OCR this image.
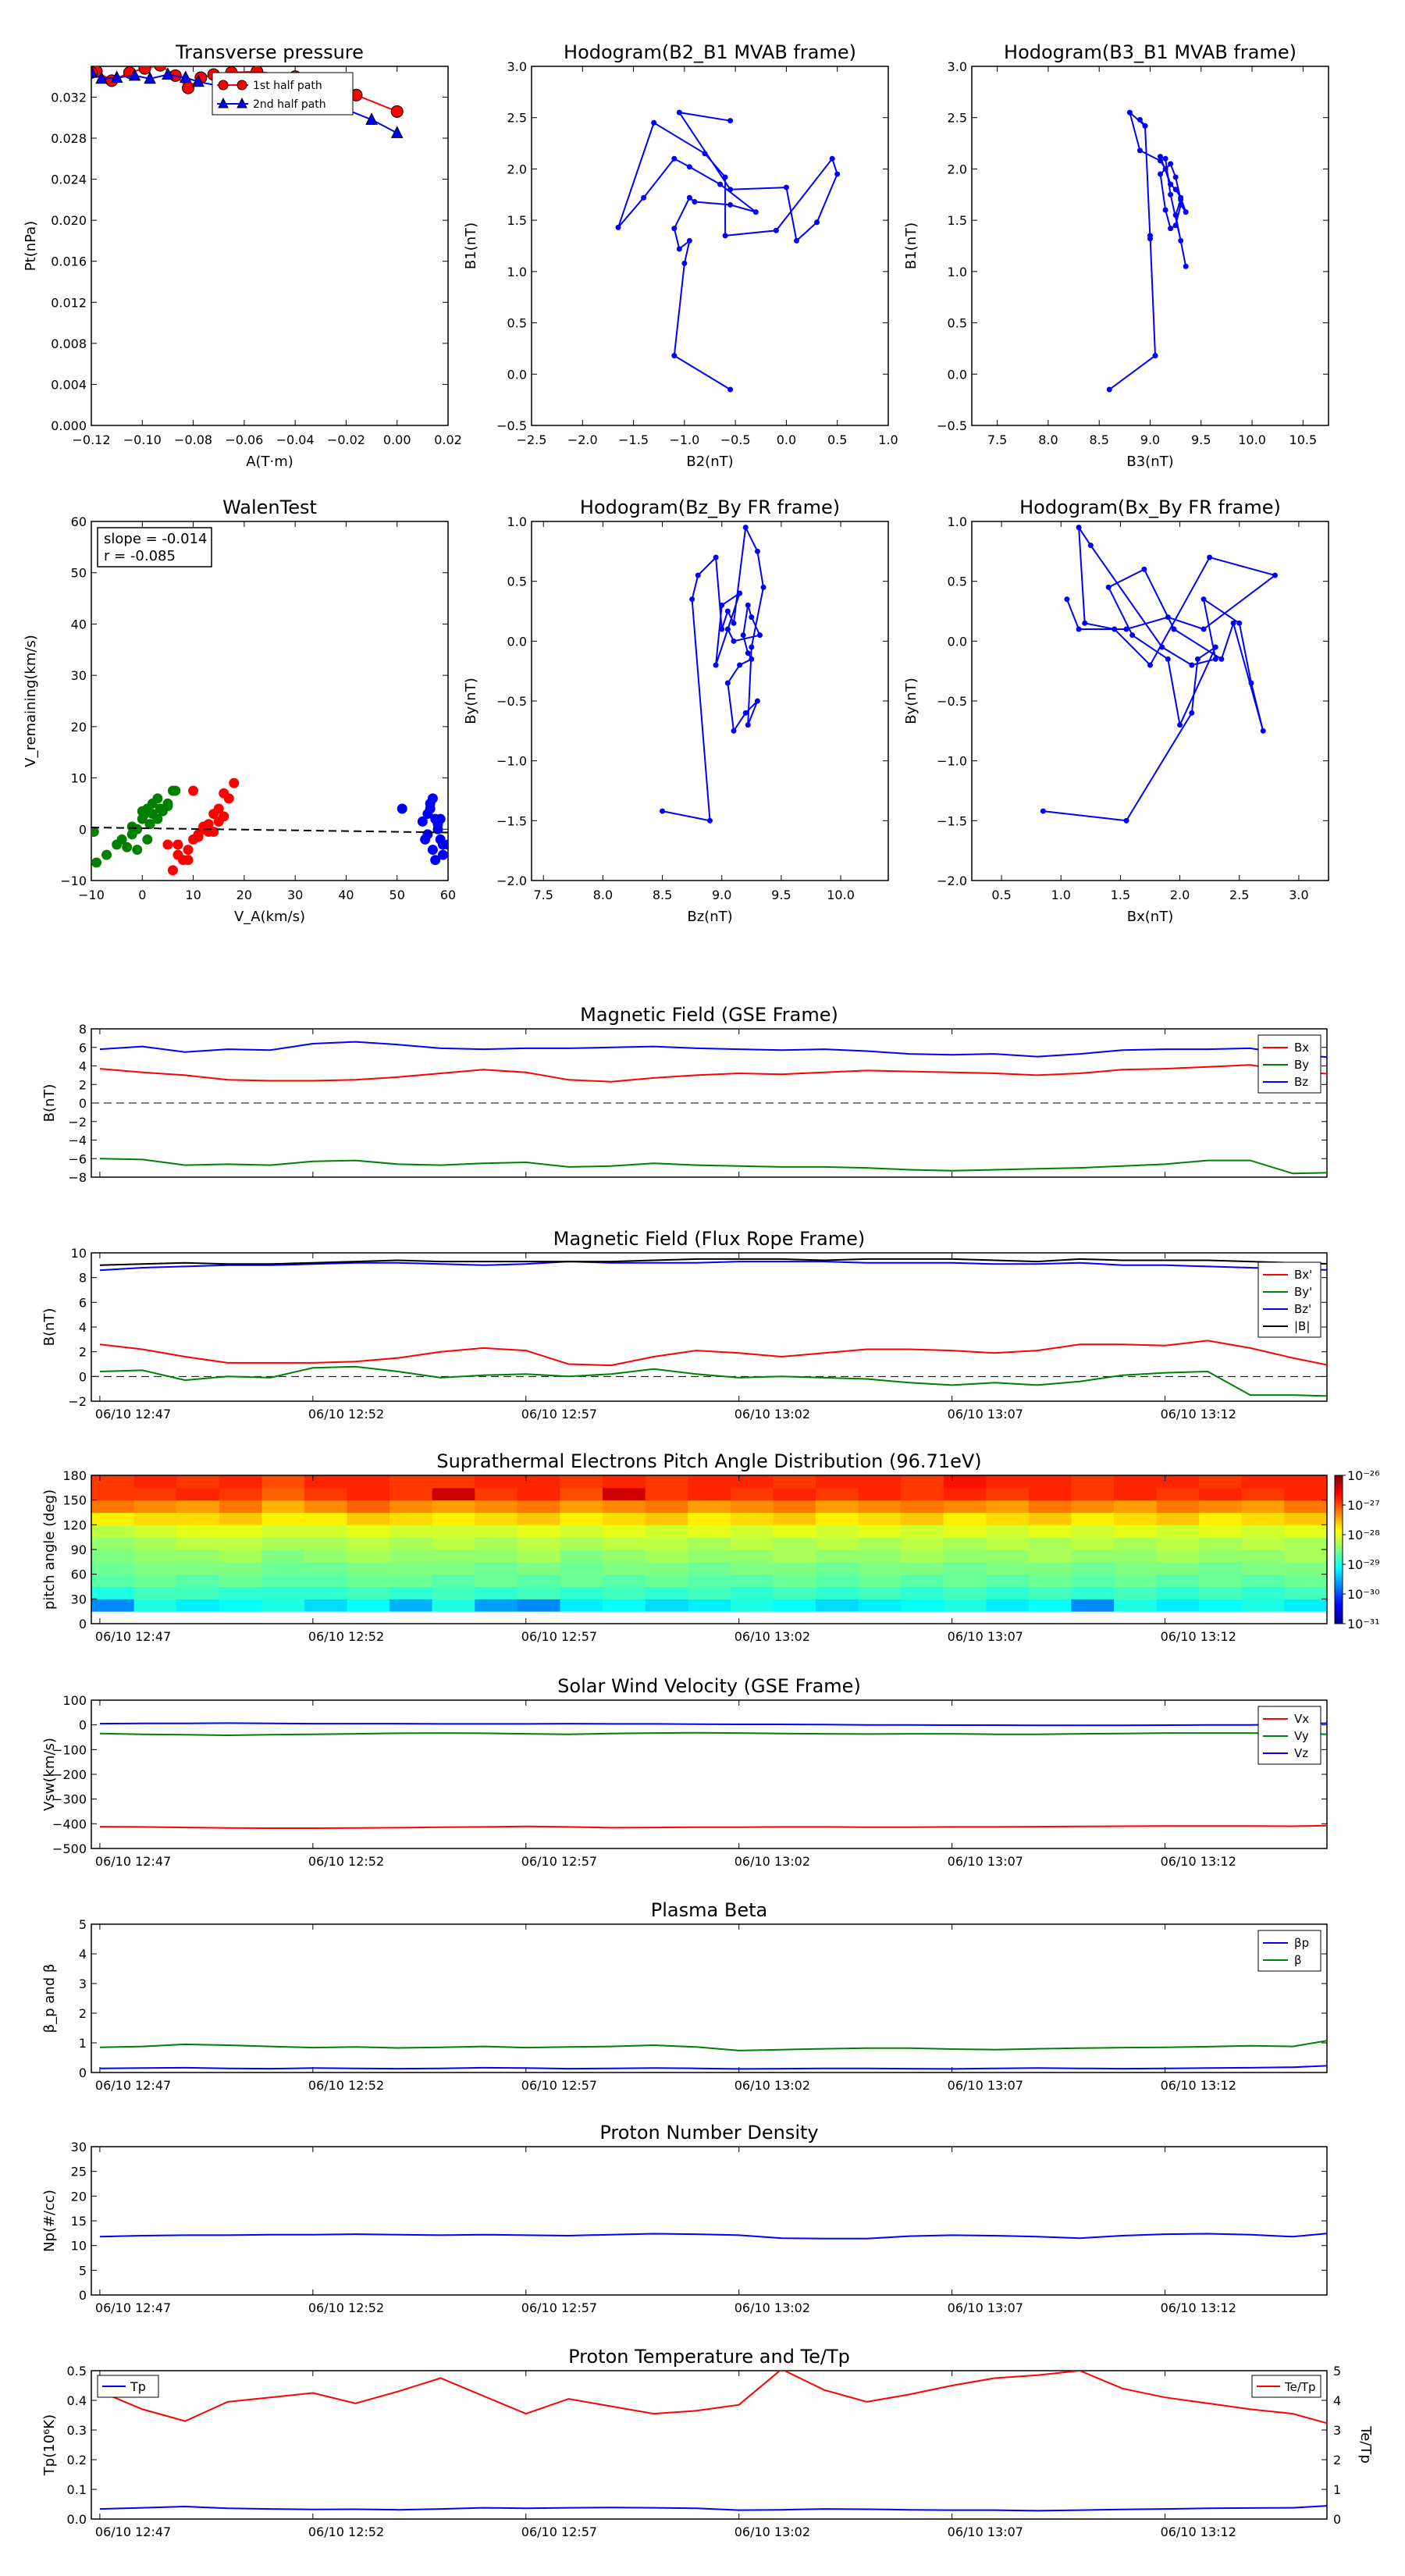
Transverse pressure
0.000
0.004
0.008
0.012
0.016
0.020
0.024
0.028
0.032
−0.12 −0.10 −0.08 −0.06 −0.04 −0.02 0.00 0.02
A(T·m)
Pt(nPa)
1st half path
2nd half path
Hodogram(B2_B1 MVAB frame)
−0.5
0.0
0.5
1.0
1.5
2.0
2.5
3.0
−2.5 −2.0 −1.5 −1.0 −0.5 0.0 0.5 1.0
B2(nT)
B1(nT)
Hodogram(B3_B1 MVAB frame)
−0.5
0.0
0.5
1.0
1.5
2.0
2.5
3.0
7.5 8.0 8.5 9.0 9.5 10.0 10.5
B3(nT)
B1(nT)
WalenTest
−10
0
10
20
30
40
50
60
−10	0	10	20	30	40	50	60
V_A(km/s)
V_remaining(km/s)
slope = -0.014
r = -0.085
Hodogram(Bz_By FR frame)
−2.0
−1.5
−1.0
−0.5
0.0
0.5
1.0
7.5	8.0	8.5	9.0	9.5	10.0
Bz(nT)
By(nT)
Hodogram(Bx_By FR frame)
−2.0
−1.5
−1.0
−0.5
0.0
0.5
1.0
0.5	1.0	1.5	2.0	2.5	3.0
Bx(nT)
By(nT)
Magnetic Field (GSE Frame)
−8
−6
−4
−2
0
2
4
6
8
B(nT)
Bx
By
Bz
Magnetic Field (Flux Rope Frame)
−2
0
2
4
6
8
10
06/10 12:47	06/10 12:52	06/10 12:57	06/10 13:02	06/10 13:07	06/10 13:12
B(nT)
Bx'
By'
Bz'
|B|
Suprathermal Electrons Pitch Angle Distribution (96.71eV)
10⁻²⁶
10⁻²⁷
10⁻²⁸
10⁻²⁹
10⁻³⁰
10⁻³¹
0
30
60
90
120
150
180
06/10 12:47	06/10 12:52	06/10 12:57	06/10 13:02	06/10 13:07	06/10 13:12
pitch angle (deg)
Solar Wind Velocity (GSE Frame)
−500
−400
−300
−200
−100
0
100
06/10 12:47	06/10 12:52	06/10 12:57	06/10 13:02	06/10 13:07	06/10 13:12
Vsw(km/s)
Vx
Vy
Vz
Plasma Beta
0
1
2
3
4
5
06/10 12:47	06/10 12:52	06/10 12:57	06/10 13:02	06/10 13:07	06/10 13:12
β_p and β
βp
β
Proton Number Density
0
5
10
15
20
25
30
06/10 12:47	06/10 12:52	06/10 12:57	06/10 13:02	06/10 13:07	06/10 13:12
Np(#/cc)
Proton Temperature and Te/Tp
0.0
0.1
0.2
0.3
0.4
0.5
06/10 12:47	06/10 12:52	06/10 12:57	06/10 13:02	06/10 13:07	06/10 13:12
Tp(10⁶K)	Te/Tp
0
1
2
3
4
5
Tp	Te/Tp
